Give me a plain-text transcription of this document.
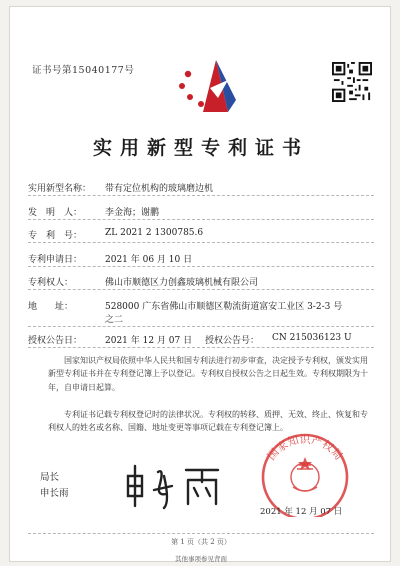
证书号第15040177号
实用新型专利证书
实用新型名称： 带有定位机构的玻璃磨边机
发　明　人：	李金海；谢鹏
专　利　号：	ZL 2021 2 1300785.6
专利申请日：	2021 年 06 月 10 日
专利权人：	佛山市顺德区力创鑫玻璃机械有限公司
地　　址：	528000 广东省佛山市顺德区勒流街道富安工业区 3-2-3 号
之二
授权公告日：	2021 年 12 月 07 日 授权公告号： CN 215036123 U
国家知识产权局依照中华人民共和国专利法进行初步审查，决定授予专利权，颁发实用新型专利证书并在专利登记簿上予以登记。专利权自授权公告之日起生效。专利权期限为十年，自申请日起算。
专利证书记载专利权登记时的法律状况。专利权的转移、质押、无效、终止、恢复和专利权人的姓名或名称、国籍、地址变更等事项记载在专利登记簿上。
国家知识产权局
局长
申长雨
2021 年 12 月 07 日
第 1 页（共 2 页）
其他事项参见背面
